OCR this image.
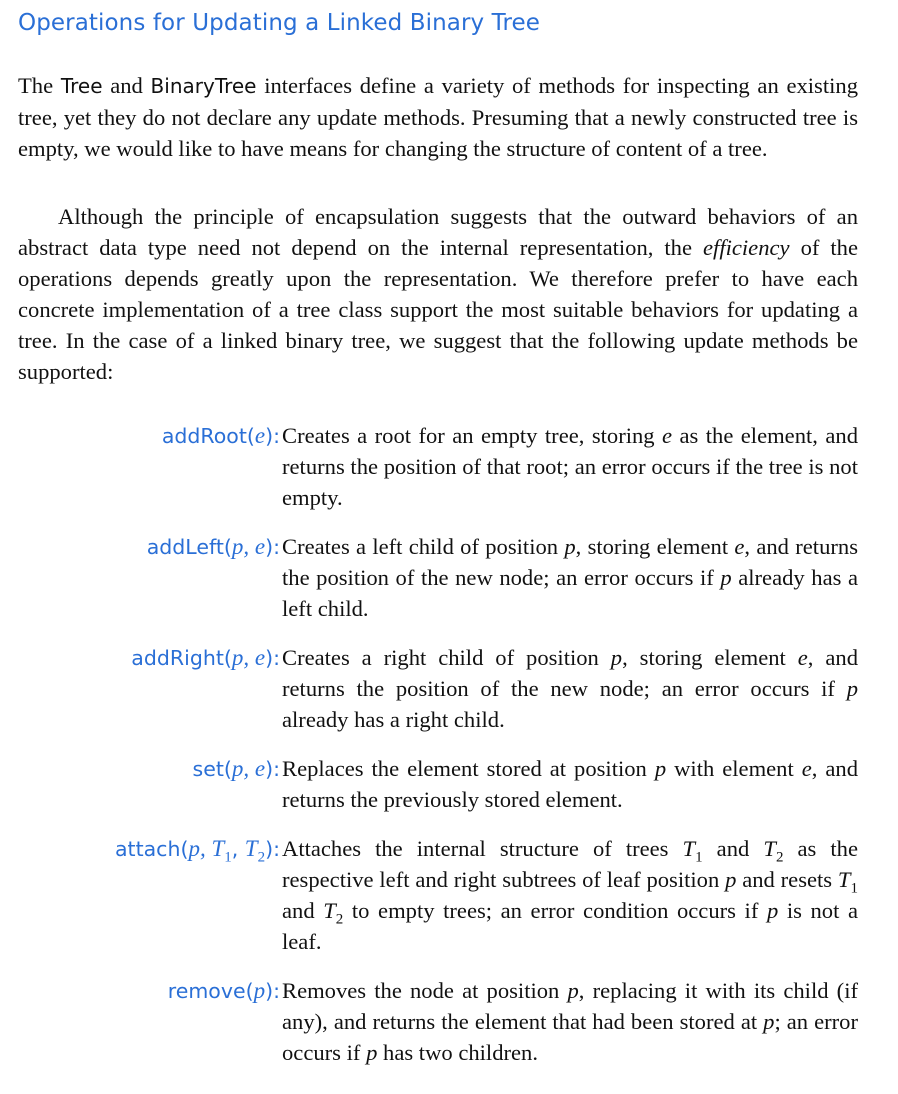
Operations for Updating a Linked Binary Tree

The Tree and BinaryTree interfaces define a variety of methods for inspecting an existing tree, yet they do not declare any update methods. Presuming that a newly constructed tree is empty, we would like to have means for changing the structure of content of a tree.

Although the principle of encapsulation suggests that the outward behaviors of an abstract data type need not depend on the internal representation, the efficiency of the operations depends greatly upon the representation. We therefore prefer to have each concrete implementation of a tree class support the most suitable behaviors for updating a tree. In the case of a linked binary tree, we suggest that the following update methods be supported:

addRoot(e): Creates a root for an empty tree, storing e as the element, and returns the position of that root; an error occurs if the tree is not empty.
addLeft(p, e): Creates a left child of position p, storing element e, and returns the position of the new node; an error occurs if p already has a left child.
addRight(p, e): Creates a right child of position p, storing element e, and returns the position of the new node; an error occurs if p already has a right child.
set(p, e): Replaces the element stored at position p with element e, and returns the previously stored element.
attach(p, $T_1$, $T_2$): Attaches the internal structure of trees $T_1$ and $T_2$ as the respective left and right subtrees of leaf position p and resets $T_1$ and $T_2$ to empty trees; an error condition occurs if p is not a leaf.
remove(p): Removes the node at position p, replacing it with its child (if any), and returns the element that had been stored at p; an error occurs if p has two children.
